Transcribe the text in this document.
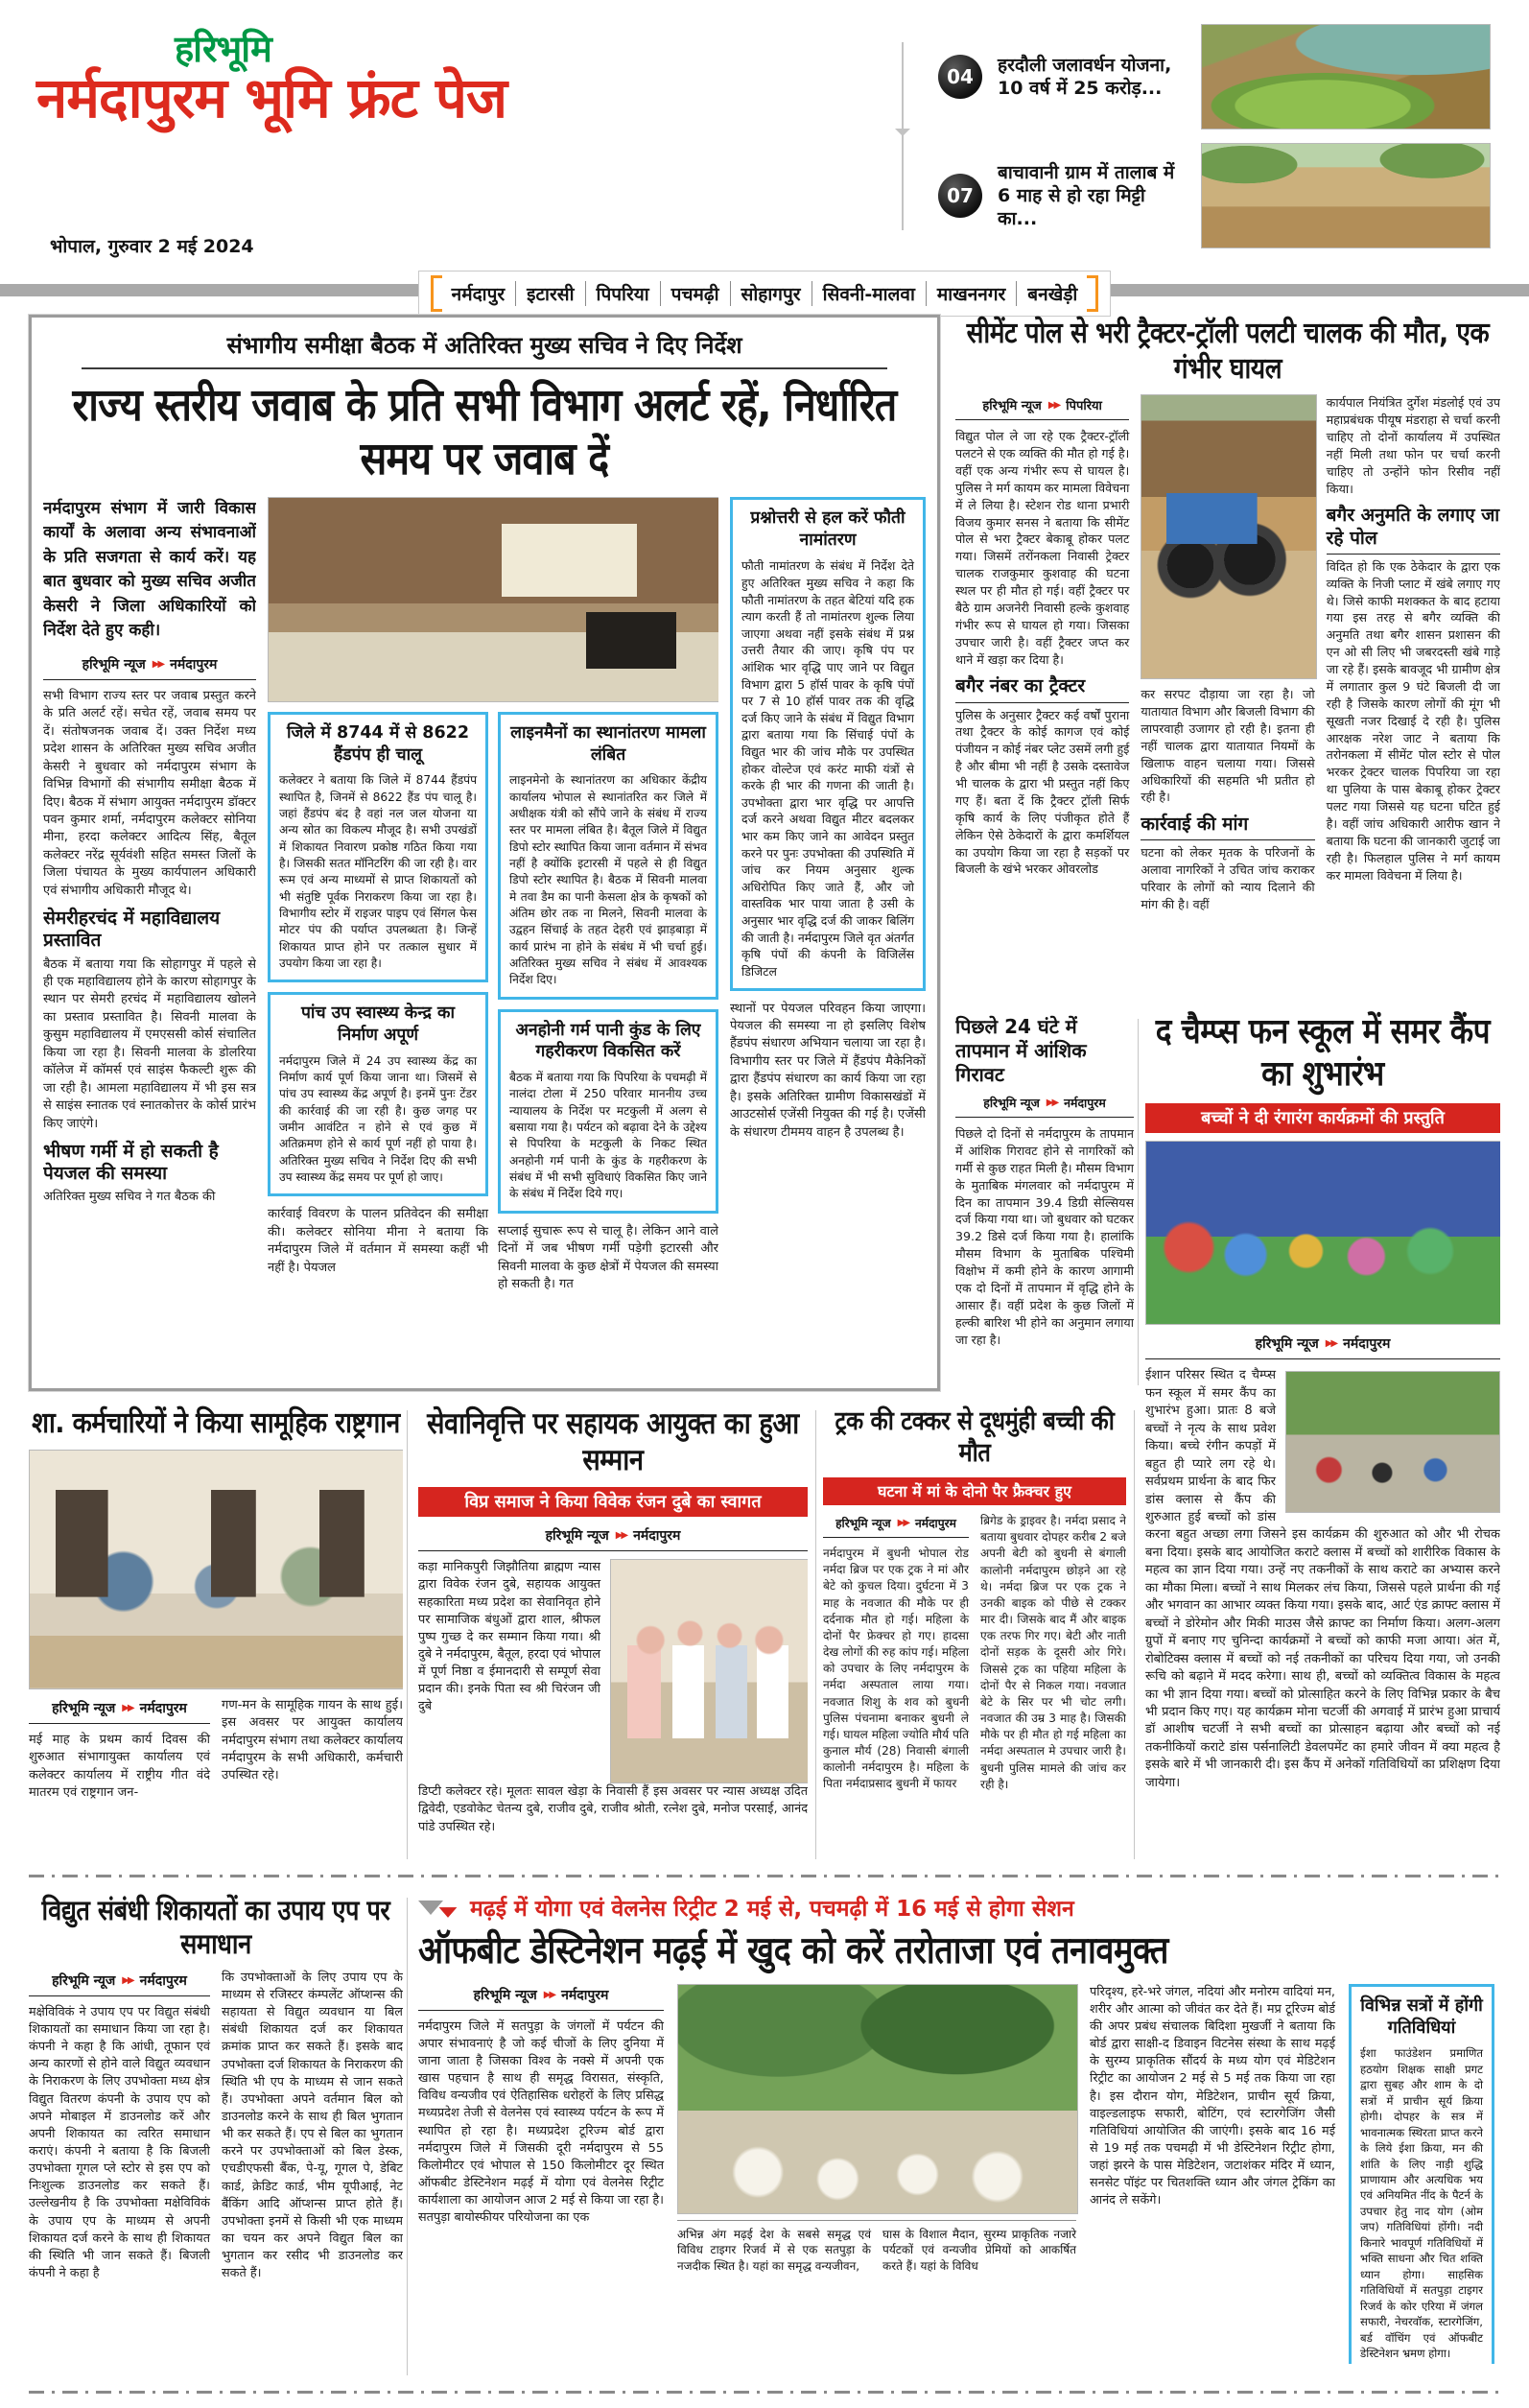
हरिभूमि
नर्मदापुरम भूमि फ्रंट पेज
भोपाल, गुरुवार 2 मई 2024
04
हरदौली जलावर्धन योजना, 10 वर्ष में 25 करोड़...
07
बाचावानी ग्राम में तालाब में 6 माह से हो रहा मिट्टी का...
नर्मदापुर	इटारसी	पिपरिया	पचमढ़ी	सोहागपुर	सिवनी-मालवा	माखननगर	बनखेड़ी
संभागीय समीक्षा बैठक में अतिरिक्त मुख्य सचिव ने दिए निर्देश
राज्य स्तरीय जवाब के प्रति सभी विभाग अलर्ट रहें, निर्धारित समय पर जवाब दें

नर्मदापुरम संभाग में जारी विकास कार्यों के अलावा अन्य संभावनाओं के प्रति सजगता से कार्य करें। यह बात बुधवार को मुख्य सचिव अजीत केसरी ने जिला अधिकारियों को निर्देश देते हुए कही।

हरिभूमि न्यूज ▶▶ नर्मदापुरम

सभी विभाग राज्य स्तर पर जवाब प्रस्तुत करने के प्रति अलर्ट रहें। सचेत रहें, जवाब समय पर दें। संतोषजनक जवाब दें। उक्त निर्देश मध्य प्रदेश शासन के अतिरिक्त मुख्य सचिव अजीत केसरी ने बुधवार को नर्मदापुरम संभाग के विभिन्न विभागों की संभागीय समीक्षा बैठक में दिए। बैठक में संभाग आयुक्त नर्मदापुरम डॉक्टर पवन कुमार शर्मा, नर्मदापुरम कलेक्टर सोनिया मीना, हरदा कलेक्टर आदित्य सिंह, बैतूल कलेक्टर नरेंद्र सूर्यवंशी सहित समस्त जिलों के जिला पंचायत के मुख्य कार्यपालन अधिकारी एवं संभागीय अधिकारी मौजूद थे।

सेमरीहरचंद में महाविद्यालय प्रस्तावित

बैठक में बताया गया कि सोहागपुर में पहले से ही एक महाविद्यालय होने के कारण सोहागपुर के स्थान पर सेमरी हरचंद में महाविद्यालय खोलने का प्रस्ताव प्रस्तावित है। सिवनी मालवा के कुसुम महाविद्यालय में एमएससी कोर्स संचालित किया जा रहा है। सिवनी मालवा के डोलरिया कॉलेज में कॉमर्स एवं साइंस फैकल्टी शुरू की जा रही है। आमला महाविद्यालय में भी इस सत्र से साइंस स्नातक एवं स्नातकोत्तर के कोर्स प्रारंभ किए जाएंगे।

भीषण गर्मी में हो सकती है पेयजल की समस्या

अतिरिक्त मुख्य सचिव ने गत बैठक की

जिले में 8744 में से 8622 हैंडपंप ही चालू

कलेक्टर ने बताया कि जिले में 8744 हैंडपंप स्थापित है, जिनमें से 8622 हैंड पंप चालू है। जहां हैंडपंप बंद है वहां नल जल योजना या अन्य स्रोत का विकल्प मौजूद है। सभी उपखंडों में शिकायत निवारण प्रकोष्ठ गठित किया गया है। जिसकी सतत मॉनिटरिंग की जा रही है। वार रूम एवं अन्य माध्यमों से प्राप्त शिकायतों को भी संतुष्टि पूर्वक निराकरण किया जा रहा है। विभागीय स्टोर में राइजर पाइप एवं सिंगल फेस मोटर पंप की पर्याप्त उपलब्धता है। जिन्हें शिकायत प्राप्त होने पर तत्काल सुधार में उपयोग किया जा रहा है।

पांच उप स्वास्थ्य केन्द्र का निर्माण अपूर्ण

नर्मदापुरम जिले में 24 उप स्वास्थ्य केंद्र का निर्माण कार्य पूर्ण किया जाना था। जिसमें से पांच उप स्वास्थ्य केंद्र अपूर्ण है। इनमें पुनः टेंडर की कार्रवाई की जा रही है। कुछ जगह पर जमीन आवंटित न होने से एवं कुछ में अतिक्रमण होने से कार्य पूर्ण नहीं हो पाया है। अतिरिक्त मुख्य सचिव ने निर्देश दिए की सभी उप स्वास्थ्य केंद्र समय पर पूर्ण हो जाए।

कार्रवाई विवरण के पालन प्रतिवेदन की समीक्षा की। कलेक्टर सोनिया मीना ने बताया कि नर्मदापुरम जिले में वर्तमान में समस्या कहीं भी नहीं है। पेयजल

लाइनमैनों का स्थानांतरण मामला लंबित

लाइनमेनो के स्थानांतरण का अधिकार केंद्रीय कार्यालय भोपाल से स्थानांतरित कर जिले में अधीक्षक यंत्री को सौंपे जाने के संबंध में राज्य स्तर पर मामला लंबित है। बैतूल जिले में विद्युत डिपो स्टोर स्थापित किया जाना वर्तमान में संभव नहीं है क्योंकि इटारसी में पहले से ही विद्युत डिपो स्टोर स्थापित है। बैठक में सिवनी मालवा मे तवा डैम का पानी केसला क्षेत्र के कृषकों को अंतिम छोर तक ना मिलने, सिवनी मालवा के उद्वहन सिंचाई के तहत देहरी एवं झाड़बाड़ा में कार्य प्रारंभ ना होने के संबंध में भी चर्चा हुई। अतिरिक्त मुख्य सचिव ने संबंध में आवश्यक निर्देश दिए।

अनहोनी गर्म पानी कुंड के लिए गहरीकरण विकसित करें

बैठक में बताया गया कि पिपरिया के पचमढ़ी में नालंदा टोला में 250 परिवार माननीय उच्च न्यायालय के निर्देश पर मटकुली में अलग से बसाया गया है। पर्यटन को बढ़ावा देने के उद्देश्य से पिपरिया के मटकुली के निकट स्थित अनहोनी गर्म पानी के कुंड के गहरीकरण के संबंध में भी सभी सुविधाएं विकसित किए जाने के संबंध में निर्देश दिये गए।

सप्लाई सुचारू रूप से चालू है। लेकिन आने वाले दिनों में जब भीषण गर्मी पड़ेगी इटारसी और सिवनी मालवा के कुछ क्षेत्रों में पेयजल की समस्या हो सकती है। गत

प्रश्नोत्तरी से हल करें फौती नामांतरण

फौती नामांतरण के संबंध में निर्देश देते हुए अतिरिक्त मुख्य सचिव ने कहा कि फौती नामांतरण के तहत बेटियां यदि हक त्याग करती हैं तो नामांतरण शुल्क लिया जाएगा अथवा नहीं इसके संबंध में प्रश्न उत्तरी तैयार की जाए। कृषि पंप पर आंशिक भार वृद्धि पाए जाने पर विद्युत विभाग द्वारा 5 हॉर्स पावर के कृषि पंपों पर 7 से 10 हॉर्स पावर तक की वृद्धि दर्ज किए जाने के संबंध में विद्युत विभाग द्वारा बताया गया कि सिंचाई पंपों के विद्युत भार की जांच मौके पर उपस्थित होकर वोल्टेज एवं करंट माफी यंत्रों से करके ही भार की गणना की जाती है। उपभोक्ता द्वारा भार वृद्धि पर आपत्ति दर्ज करने अथवा विद्युत मीटर बदलकर भार कम किए जाने का आवेदन प्रस्तुत करने पर पुनः उपभोक्ता की उपस्थिति में जांच कर नियम अनुसार शुल्क अधिरोपित किए जाते हैं, और जो वास्तविक भार पाया जाता है उसी के अनुसार भार वृद्धि दर्ज की जाकर बिलिंग की जाती है। नर्मदापुरम जिले वृत अंतर्गत कृषि पंपों की कंपनी के विजिलेंस डिजिटल

स्थानों पर पेयजल परिवहन किया जाएगा। पेयजल की समस्या ना हो इसलिए विशेष हैंडपंप संधारण अभियान चलाया जा रहा है। विभागीय स्तर पर जिले में हैंडपंप मैकेनिकों द्वारा हैंडपंप संधारण का कार्य किया जा रहा है। इसके अतिरिक्त ग्रामीण विकासखंडों में आउटसोर्स एजेंसी नियुक्त की गई है। एजेंसी के संधारण टीममय वाहन है उपलब्ध है।

सीमेंट पोल से भरी ट्रैक्टर-ट्रॉली पलटी चालक की मौत, एक गंभीर घायल
हरिभूमि न्यूज ▶▶ पिपरिया

विद्युत पोल ले जा रहे एक ट्रैक्टर-ट्रॉली पलटने से एक व्यक्ति की मौत हो गई है। वहीं एक अन्य गंभीर रूप से घायल है। पुलिस ने मर्ग कायम कर मामला विवेचना में ले लिया है। स्टेशन रोड थाना प्रभारी विजय कुमार सनस ने बताया कि सीमेंट पोल से भरा ट्रैक्टर बेकाबू होकर पलट गया। जिसमें तरोंनकला निवासी ट्रेक्टर चालक राजकुमार कुशवाह की घटना स्थल पर ही मौत हो गई। वहीं ट्रैक्टर पर बैठे ग्राम अजनेरी निवासी हल्के कुशवाह गंभीर रूप से घायल हो गया। जिसका उपचार जारी है। वहीं ट्रैक्टर जप्त कर थाने में खड़ा कर दिया है।

बगैर नंबर का ट्रैक्टर

पुलिस के अनुसार ट्रैक्टर कई वर्षों पुराना तथा ट्रैक्टर के कोई कागज एवं कोई पंजीयन न कोई नंबर प्लेट उसमें लगी हुई है और बीमा भी नहीं है उसके दस्तावेज भी चालक के द्वारा भी प्रस्तुत नहीं किए गए हैं। बता दें कि ट्रैक्टर ट्रॉली सिर्फ कृषि कार्य के लिए पंजीकृत होते हैं लेकिन ऐसे ठेकेदारों के द्वारा कमर्शियल का उपयोग किया जा रहा है सड़कों पर बिजली के खंभे भरकर ओवरलोड

कर सरपट दौड़ाया जा रहा है। जो यातायात विभाग और बिजली विभाग की लापरवाही उजागर हो रही है। इतना ही नहीं चालक द्वारा यातायात नियमों के खिलाफ वाहन चलाया गया। जिससे अधिकारियों की सहमति भी प्रतीत हो रही है।

कार्रवाई की मांग

घटना को लेकर मृतक के परिजनों के अलावा नागरिकों ने उचित जांच कराकर परिवार के लोगों को न्याय दिलाने की मांग की है। वहीं

कार्यपाल नियंत्रित दुर्गेश मंडलोई एवं उप महाप्रबंधक पीयूष मंडराहा से चर्चा करनी चाहिए तो दोनों कार्यालय में उपस्थित नहीं मिली तथा फोन पर चर्चा करनी चाहिए तो उन्होंने फोन रिसीव नहीं किया।

बगैर अनुमति के लगाए जा रहे पोल

विदित हो कि एक ठेकेदार के द्वारा एक व्यक्ति के निजी प्लाट में खंबे लगाए गए थे। जिसे काफी मशक्कत के बाद हटाया गया इस तरह से बगैर व्यक्ति की अनुमति तथा बगैर शासन प्रशासन की एन ओ सी लिए भी जबरदस्ती खंबे गाड़े जा रहे हैं। इसके बावजूद भी ग्रामीण क्षेत्र में लगातार कुल 9 घंटे बिजली दी जा रही है जिसके कारण लोगों की मूंग भी सूखती नजर दिखाई दे रही है। पुलिस आरक्षक नरेश जाट ने बताया कि तरोनकला में सीमेंट पोल स्टोर से पोल भरकर ट्रेक्टर चालक पिपरिया जा रहा था पुलिया के पास बेकाबू होकर ट्रेक्टर पलट गया जिससे यह घटना घटित हुई है। वहीं जांच अधिकारी आरीफ खान ने बताया कि घटना की जानकारी जुटाई जा रही है। फिलहाल पुलिस ने मर्ग कायम कर मामला विवेचना में लिया है।

पिछले 24 घंटे में तापमान में आंशिक गिरावट
हरिभूमि न्यूज ▶▶ नर्मदापुरम

पिछले दो दिनों से नर्मदापुरम के तापमान में आंशिक गिरावट होने से नागरिकों को गर्मी से कुछ राहत मिली है। मौसम विभाग के मुताबिक मंगलवार को नर्मदापुरम में दिन का तापमान 39.4 डिग्री सेल्सियस दर्ज किया गया था। जो बुधवार को घटकर 39.2 डिसे दर्ज किया गया है। हालांकि मौसम विभाग के मुताबिक पश्चिमी विक्षोभ में कमी होने के कारण आगामी एक दो दिनों में तापमान में वृद्धि होने के आसार हैं। वहीं प्रदेश के कुछ जिलों में हल्की बारिश भी होने का अनुमान लगाया जा रहा है।

द चैम्प्स फन स्कूल में समर कैंप का शुभारंभ
बच्चों ने दी रंगारंग कार्यक्रमों की प्रस्तुति
हरिभूमि न्यूज ▶▶ नर्मदापुरम

ईशान परिसर स्थित द चैम्प्स फन स्कूल में समर कैंप का शुभारंभ हुआ। प्रातः 8 बजे बच्चों ने नृत्य के साथ प्रवेश किया। बच्चे रंगीन कपड़ों में बहुत ही प्यारे लग रहे थे। सर्वप्रथम प्रार्थना के बाद फिर डांस क्लास से कैंप की शुरुआत हुई बच्चों को डांस करना बहुत अच्छा लगा जिसने इस कार्यक्रम की शुरुआत को और भी रोचक बना दिया। इसके बाद आयोजित कराटे क्लास में बच्चों को शारीरिक विकास के महत्व का ज्ञान दिया गया। उन्हें नए तकनीकों के साथ कराटे का अभ्यास करने का मौका मिला। बच्चों ने साथ मिलकर लंच किया, जिससे पहले प्रार्थना की गई और भगवान का आभार व्यक्त किया गया। इसके बाद, आर्ट एंड क्राफ्ट क्लास में बच्चों ने डोरेमोन और मिकी माउस जैसे क्राफ्ट का निर्माण किया। अलग-अलग ग्रुपों में बनाए गए चुनिन्दा कार्यक्रमों ने बच्चों को काफी मजा आया। अंत में, रोबोटिक्स क्लास में बच्चों को नई तकनीकों का परिचय दिया गया, जो उनकी रूचि को बढ़ाने में मदद करेगा। साथ ही, बच्चों को व्यक्तित्व विकास के महत्व का भी ज्ञान दिया गया। बच्चों को प्रोत्साहित करने के लिए विभिन्न प्रकार के बैच भी प्रदान किए गए। यह कार्यक्रम मोना चटर्जी की अगवाई में प्रारंभ हुआ प्राचार्य डॉ आशीष चटर्जी ने सभी बच्चों का प्रोत्साहन बढ़ाया और बच्चों को नई तकनीकियों कराटे डांस पर्सनालिटी डेवलपमेंट का हमारे जीवन में क्या महत्व है इसके बारे में भी जानकारी दी। इस कैंप में अनेकों गतिविधियों का प्रशिक्षण दिया जायेगा।

शा. कर्मचारियों ने किया सामूहिक राष्ट्रगान
हरिभूमि न्यूज ▶▶ नर्मदापुरम

मई माह के प्रथम कार्य दिवस की शुरुआत संभागायुक्त कार्यालय एवं कलेक्टर कार्यालय में राष्ट्रीय गीत वंदे मातरम एवं राष्ट्रगान जन-

गण-मन के सामूहिक गायन के साथ हुई। इस अवसर पर आयुक्त कार्यालय नर्मदापुरम संभाग तथा कलेक्टर कार्यालय नर्मदापुरम के सभी अधिकारी, कर्मचारी उपस्थित रहे।

सेवानिवृत्ति पर सहायक आयुक्त का हुआ सम्मान
विप्र समाज ने किया विवेक रंजन दुबे का स्वागत
हरिभूमि न्यूज ▶▶ नर्मदापुरम

कड़ा मानिकपुरी जिझौतिया ब्राह्मण न्यास द्वारा विवेक रंजन दुबे, सहायक आयुक्त सहकारिता मध्य प्रदेश का सेवानिवृत होने पर सामाजिक बंधुओं द्वारा शाल, श्रीफल पुष्प गुच्छ दे कर सम्मान किया गया। श्री दुबे ने नर्मदापुरम, बैतूल, हरदा एवं भोपाल में पूर्ण निष्ठा व ईमानदारी से सम्पूर्ण सेवा प्रदान की। इनके पिता स्व श्री चिरंजन जी दुबे

डिप्टी कलेक्टर रहे। मूलतः सावल खेड़ा के निवासी हैं इस अवसर पर न्यास अध्यक्ष उदित द्विवेदी, एडवोकेट चेतन्य दुबे, राजीव दुबे, राजीव श्रोती, रत्नेश दुबे, मनोज परसाई, आनंद पांडे उपस्थित रहे।

ट्रक की टक्कर से दूधमुंही बच्ची की मौत
घटना में मां के दोनो पैर फ्रैक्चर हुए
हरिभूमि न्यूज ▶▶ नर्मदापुरम

नर्मदापुरम में बुधनी भोपाल रोड नर्मदा ब्रिज पर एक ट्रक ने मां और बेटे को कुचल दिया। दुर्घटना में 3 माह के नवजात की मौके पर ही दर्दनाक मौत हो गई। महिला के दोनों पैर फ्रेक्चर हो गए। हादसा देख लोगों की रुह कांप गई। महिला को उपचार के लिए नर्मदापुरम के नर्मदा अस्पताल लाया गया। नवजात शिशु के शव को बुधनी पुलिस पंचनामा बनाकर बुधनी ले गई। घायल महिला ज्योति मौर्य पति कुनाल मौर्य (28) निवासी बंगाली कालोनी नर्मदापुरम है। महिला के पिता नर्मदाप्रसाद बुधनी में फायर

ब्रिगेड के ड्राइवर है। नर्मदा प्रसाद ने बताया बुधवार दोपहर करीब 2 बजे अपनी बेटी को बुधनी से बंगाली कालोनी नर्मदापुरम छोड़ने आ रहे थे। नर्मदा ब्रिज पर एक ट्रक ने उनकी बाइक को पीछे से टक्कर मार दी। जिसके बाद मैं और बाइक एक तरफ गिर गए। बेटी और नाती दोनों सड़क के दूसरी ओर गिरे। जिससे ट्रक का पहिया महिला के दोनों पैर से निकल गया। नवजात बेटे के सिर पर भी चोट लगी। नवजात की उम्र 3 माह है। जिसकी मौके पर ही मौत हो गई महिला का नर्मदा अस्पताल मे उपचार जारी है। बुधनी पुलिस मामले की जांच कर रही है।

विद्युत संबंधी शिकायतों का उपाय एप पर समाधान
हरिभूमि न्यूज ▶▶ नर्मदापुरम

मक्षेविविकं ने उपाय एप पर विद्युत संबंधी शिकायतों का समाधान किया जा रहा है। कंपनी ने कहा है कि आंधी, तूफान एवं अन्य कारणों से होने वाले विद्युत व्यवधान के निराकरण के लिए उपभोक्ता मध्य क्षेत्र विद्युत वितरण कंपनी के उपाय एप को अपने मोबाइल में डाउनलोड करें और अपनी शिकायत का त्वरित समाधान कराएं। कंपनी ने बताया है कि बिजली उपभोक्ता गूगल प्ले स्टोर से इस एप को निःशुल्क डाउनलोड कर सकते हैं। उल्लेखनीय है कि उपभोक्ता मक्षेविविकं के उपाय एप के माध्यम से अपनी शिकायत दर्ज करने के साथ ही शिकायत की स्थिति भी जान सकते हैं। बिजली कंपनी ने कहा है

कि उपभोक्ताओं के लिए उपाय एप के माध्यम से रजिस्टर कंम्पलेंट ऑप्शन्स की सहायता से विद्युत व्यवधान या बिल संबंधी शिकायत दर्ज कर शिकायत क्रमांक प्राप्त कर सकते हैं। इसके बाद उपभोक्ता दर्ज शिकायत के निराकरण की स्थिति भी एप के माध्यम से जान सकते हैं। उपभोक्ता अपने वर्तमान बिल को डाउनलोड करने के साथ ही बिल भुगतान भी कर सकते हैं। एप से बिल का भुगतान करने पर उपभोक्ताओं को बिल डेस्क, एचडीएफसी बैंक, पे-यू, गूगल पे, डेबिट कार्ड, क्रेडिट कार्ड, भीम यूपीआई, नेट बैंकिंग आदि ऑप्शन्स प्राप्त होते हैं। उपभोक्ता इनमें से किसी भी एक माध्यम का चयन कर अपने विद्युत बिल का भुगतान कर रसीद भी डाउनलोड कर सकते हैं।

मढ़ई में योगा एवं वेलनेस रिट्रीट 2 मई से, पचमढ़ी में 16 मई से होगा सेशन
ऑफबीट डेस्टिनेशन मढ़ई में खुद को करें तरोताजा एवं तनावमुक्त
हरिभूमि न्यूज ▶▶ नर्मदापुरम

नर्मदापुरम जिले में सतपुड़ा के जंगलों में पर्यटन की अपार संभावनाएं है जो कई चीजों के लिए दुनिया में जाना जाता है जिसका विश्व के नक्से में अपनी एक खास पहचान है साथ ही समृद्ध विरासत, संस्कृति, विविध वन्यजीव एवं ऐतिहासिक धरोहरों के लिए प्रसिद्ध मध्यप्रदेश तेजी से वेलनेस एवं स्वास्थ्य पर्यटन के रूप में स्थापित हो रहा है। मध्यप्रदेश टूरिज्म बोर्ड द्वारा नर्मदापुरम जिले में जिसकी दूरी नर्मदापुरम से 55 किलोमीटर एवं भोपाल से 150 किलोमीटर दूर स्थित ऑफबीट डेस्टिनेशन मढ़ई में योगा एवं वेलनेस रिट्रीट कार्यशाला का आयोजन आज 2 मई से किया जा रहा है। सतपुड़ा बायोस्फीयर परियोजना का एक

अभिन्न अंग मढ़ई देश के सबसे समृद्ध एवं विविध टाइगर रिजर्व में से एक सतपुड़ा के नजदीक स्थित है। यहां का समृद्ध वन्यजीवन,

घास के विशाल मैदान, सुरम्य प्राकृतिक नजारे पर्यटकों एवं वन्यजीव प्रेमियों को आकर्षित करते हैं। यहां के विविध

परिदृश्य, हरे-भरे जंगल, नदियां और मनोरम वादियां मन, शरीर और आत्मा को जीवंत कर देते हैं। मप्र टूरिज्म बोर्ड की अपर प्रबंध संचालक बिदिशा मुखर्जी ने बताया कि बोर्ड द्वारा साक्षी-द डिवाइन विटनेस संस्था के साथ मढ़ई के सुरम्य प्राकृतिक सौंदर्य के मध्य योग एवं मेडिटेशन रिट्रीट का आयोजन 2 मई से 5 मई तक किया जा रहा है। इस दौरान योग, मेडिटेशन, प्राचीन सूर्य क्रिया, वाइल्डलाइफ सफारी, बोटिंग, एवं स्टारगेजिंग जैसी गतिविधियां आयोजित की जाएंगी। इसके बाद 16 मई से 19 मई तक पचमढ़ी में भी डेस्टिनेशन रिट्रीट होगा, जहां झरने के पास मेडिटेशन, जटाशंकर मंदिर में ध्यान, सनसेट पॉइंट पर चितशक्ति ध्यान और जंगल ट्रेकिंग का आनंद ले सकेंगे।

विभिन्न सत्रों में होंगी गतिविधियां

ईशा फाउंडेशन प्रमाणित हठयोग शिक्षक साक्षी प्रगट द्वारा सुबह और शाम के दो सत्रों में प्राचीन सूर्य क्रिया होगी। दोपहर के सत्र में भावनात्मक स्थिरता प्राप्त करने के लिये ईशा क्रिया, मन की शांति के लिए नाड़ी शुद्धि प्राणायाम और अत्यधिक भय एवं अनियमित नींद के पैटर्न के उपचार हेतु नाद योग (ओम जप) गतिविधियां होंगी। नदी किनारे भावपूर्ण गतिविधियों में भक्ति साधना और चित शक्ति ध्यान होगा। साहसिक गतिविधियों में सतपुड़ा टाइगर रिजर्व के कोर एरिया में जंगल सफारी, नेचरवॉक, स्टारगेजिंग, बर्ड वॉचिंग एवं ऑफबीट डेस्टिनेशन भ्रमण होगा।
